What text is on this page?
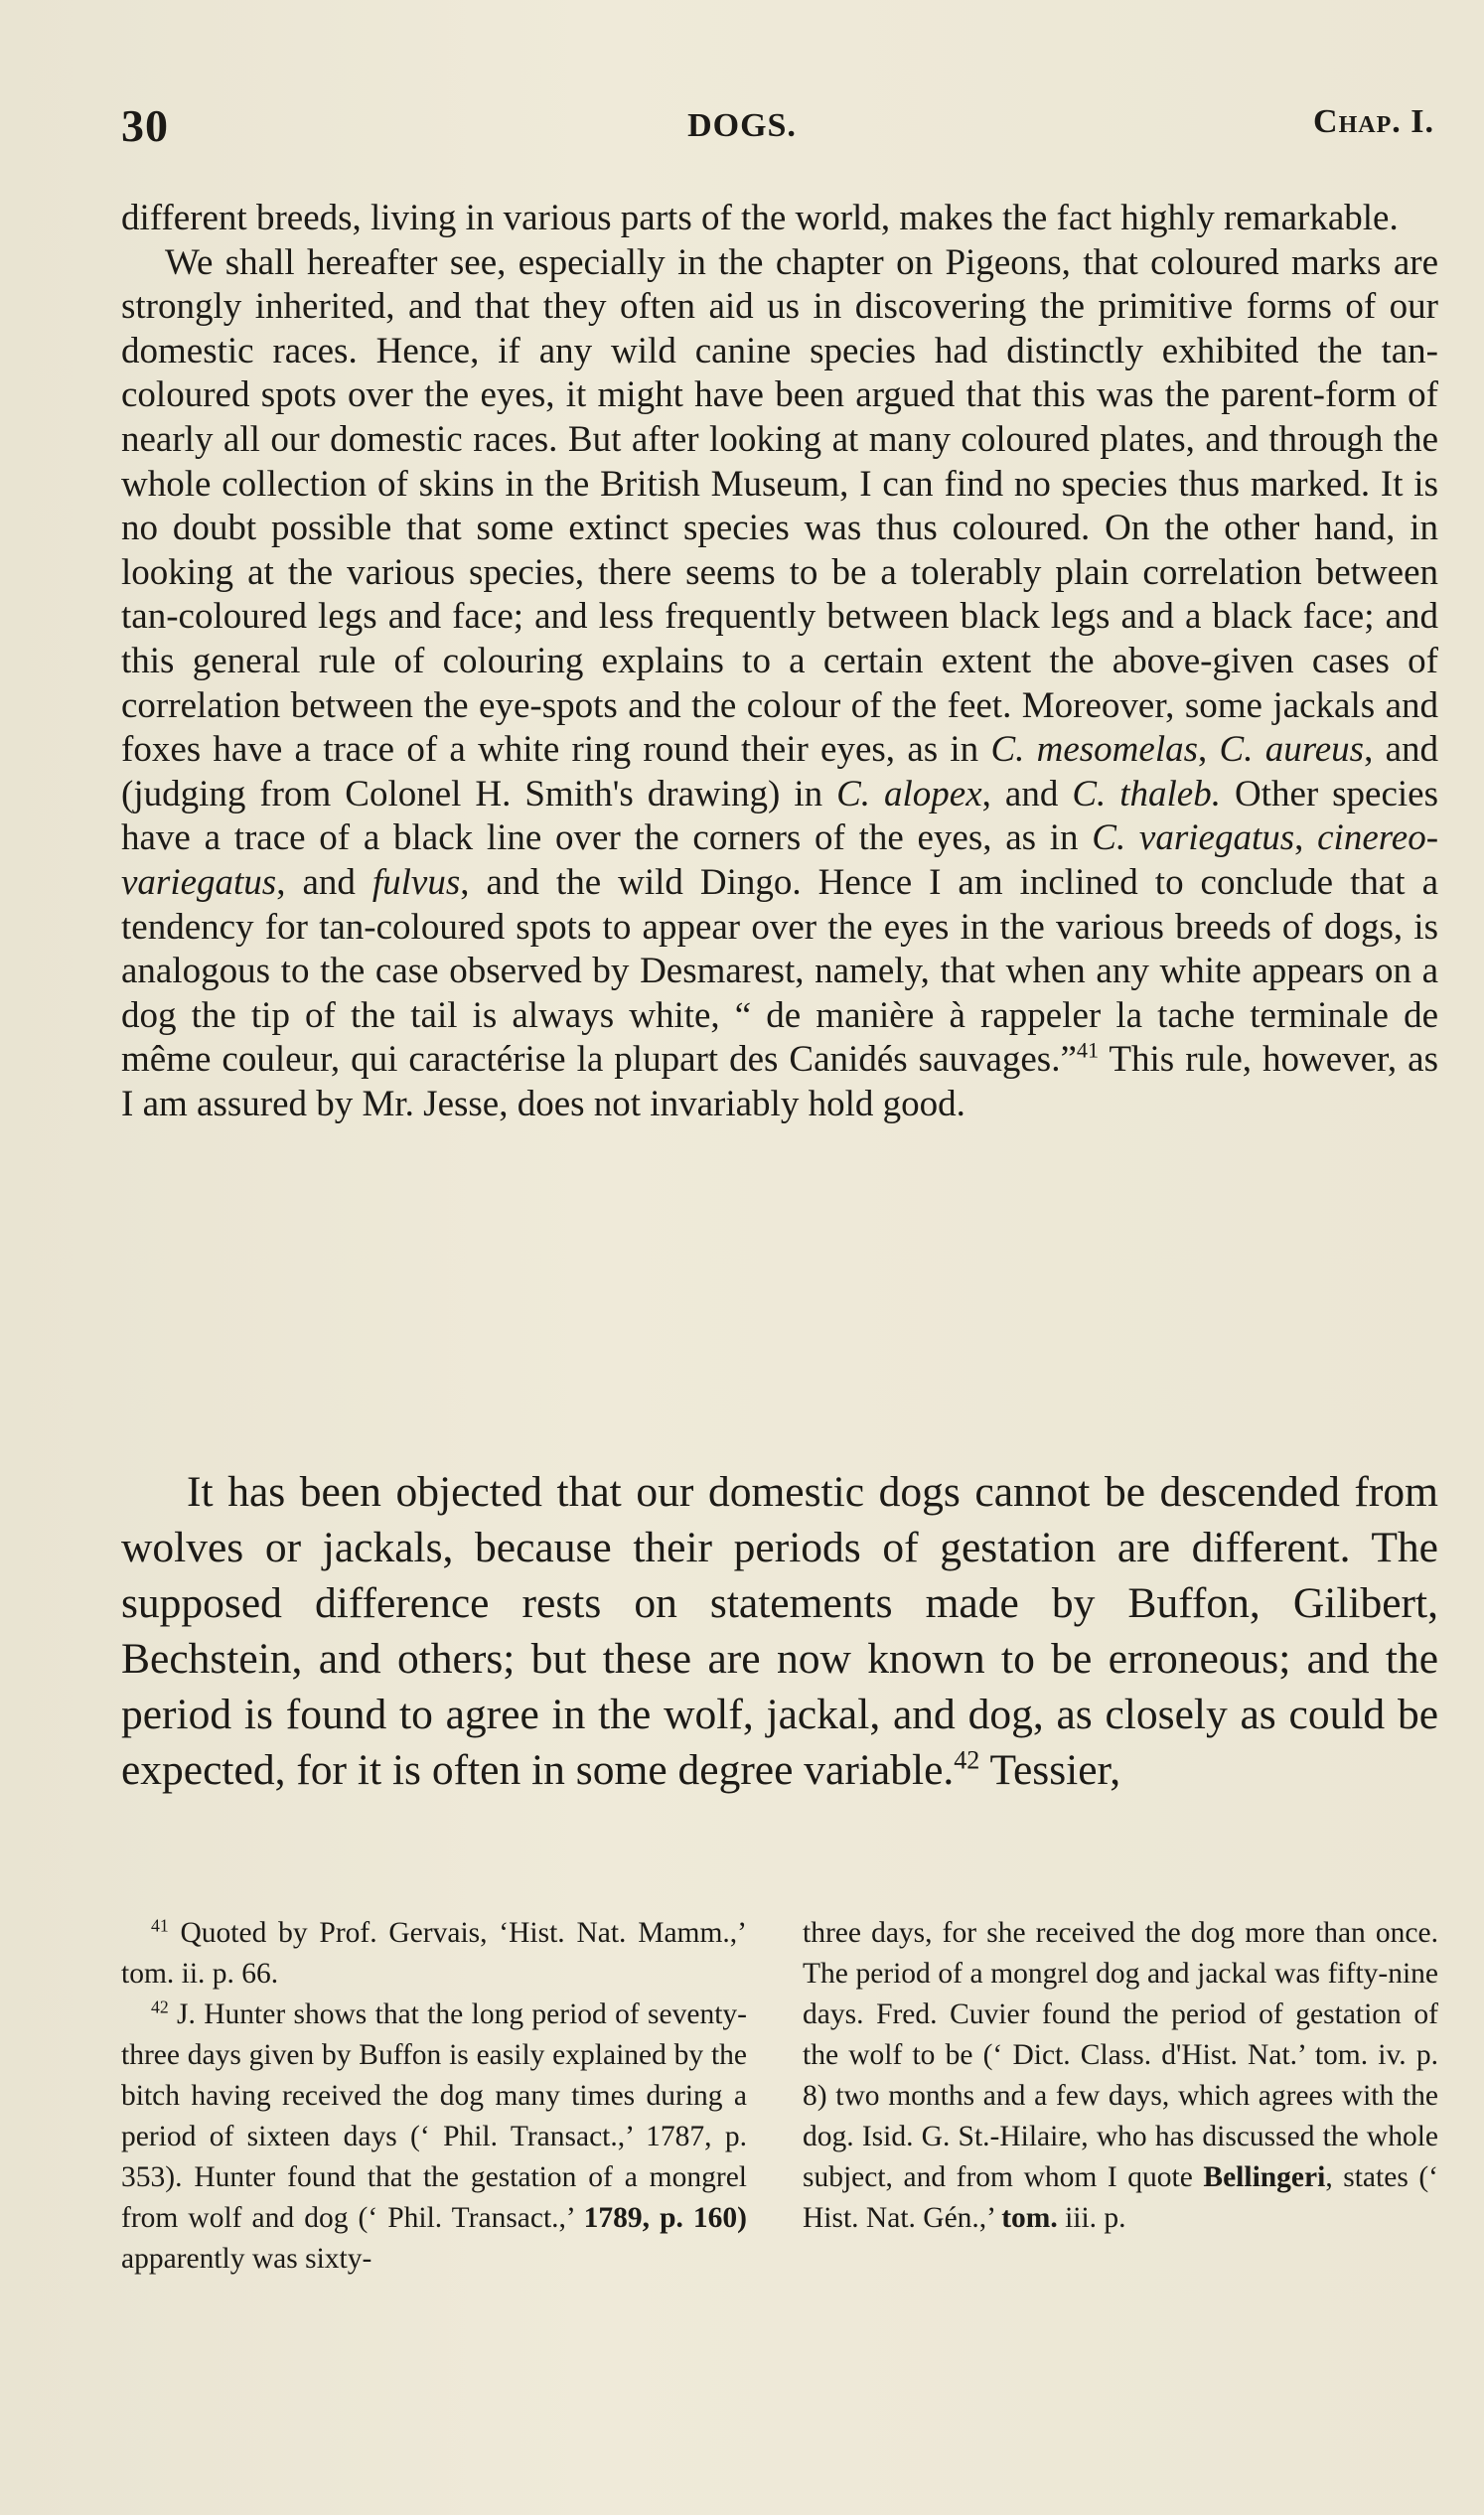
30	DOGS.	Chap. I.

different breeds, living in various parts of the world, makes the fact highly remarkable.

We shall hereafter see, especially in the chapter on Pigeons, that coloured marks are strongly inherited, and that they often aid us in discovering the primitive forms of our domestic races. Hence, if any wild canine species had distinctly exhibited the tan-coloured spots over the eyes, it might have been argued that this was the parent-form of nearly all our domestic races. But after looking at many coloured plates, and through the whole collection of skins in the British Museum, I can find no species thus marked. It is no doubt possible that some extinct species was thus coloured. On the other hand, in looking at the various species, there seems to be a tolerably plain correlation between tan-coloured legs and face; and less frequently between black legs and a black face; and this general rule of colouring explains to a certain extent the above-given cases of correlation between the eye-spots and the colour of the feet. Moreover, some jackals and foxes have a trace of a white ring round their eyes, as in C. mesomelas, C. aureus, and (judging from Colonel H. Smith's drawing) in C. alopex, and C. thaleb. Other species have a trace of a black line over the corners of the eyes, as in C. variegatus, cinereo-variegatus, and fulvus, and the wild Dingo. Hence I am inclined to conclude that a tendency for tan-coloured spots to appear over the eyes in the various breeds of dogs, is analogous to the case observed by Desmarest, namely, that when any white appears on a dog the tip of the tail is always white, “ de manière à rappeler la tache terminale de même couleur, qui caractérise la plupart des Canidés sauvages.”$^{41}$ This rule, however, as I am assured by Mr. Jesse, does not invariably hold good.

It has been objected that our domestic dogs cannot be descended from wolves or jackals, because their periods of gestation are different. The supposed difference rests on statements made by Buffon, Gilibert, Bechstein, and others; but these are now known to be erroneous; and the period is found to agree in the wolf, jackal, and dog, as closely as could be expected, for it is often in some degree variable.$^{42}$ Tessier,

$^{41}$ Quoted by Prof. Gervais, ‘Hist. Nat. Mamm.,’ tom. ii. p. 66.

$^{42}$ J. Hunter shows that the long period of seventy-three days given by Buffon is easily explained by the bitch having received the dog many times during a period of sixteen days (‘ Phil. Transact.,’ 1787, p. 353). Hunter found that the gestation of a mongrel from wolf and dog (‘ Phil. Transact.,’ 1789, p. 160) apparently was sixty-

three days, for she received the dog more than once. The period of a mongrel dog and jackal was fifty-nine days. Fred. Cuvier found the period of gestation of the wolf to be (‘ Dict. Class. d'Hist. Nat.’ tom. iv. p. 8) two months and a few days, which agrees with the dog. Isid. G. St.-Hilaire, who has discussed the whole subject, and from whom I quote Bellingeri, states (‘ Hist. Nat. Gén.,’ tom. iii. p.
